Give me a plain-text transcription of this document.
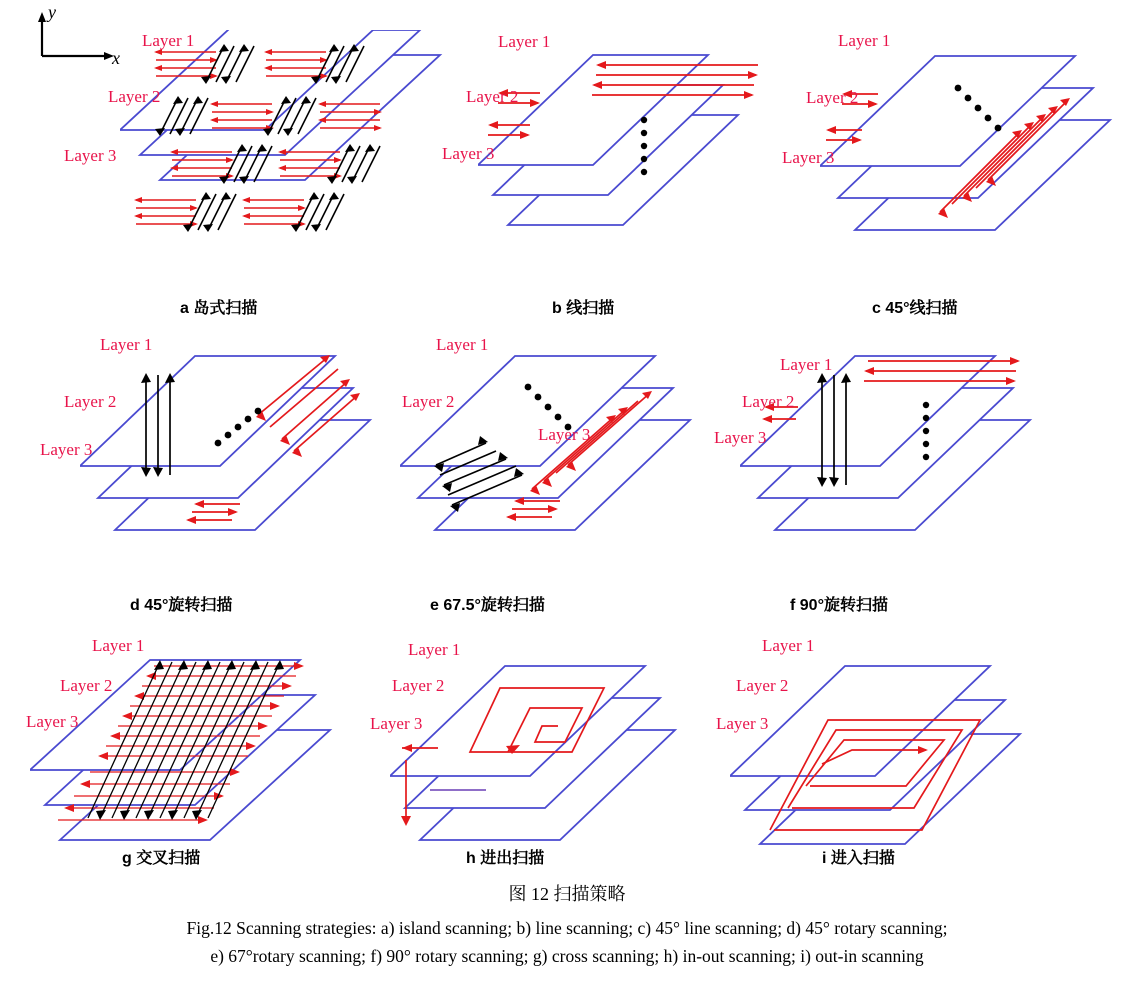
y
x
Layer 1
Layer 2
Layer 3
a 岛式扫描
Layer 1
Layer 2
Layer 3
b 线扫描
Layer 1
Layer 2
Layer 3
c 45°线扫描
Layer 1
Layer 2
Layer 3
d 45°旋转扫描
Layer 1
Layer 2
Layer 3
e 67.5°旋转扫描
Layer 1
Layer 2
Layer 3
f 90°旋转扫描
Layer 1
Layer 2
Layer 3
g 交叉扫描
Layer 1
Layer 2
Layer 3
h 进出扫描
Layer 1
Layer 2
Layer 3
i 进入扫描
图 12 扫描策略
Fig.12 Scanning strategies: a) island scanning; b) line scanning; c) 45° line scanning; d) 45° rotary scanning;
e) 67°rotary scanning; f) 90° rotary scanning; g) cross scanning; h) in-out scanning; i) out-in scanning
